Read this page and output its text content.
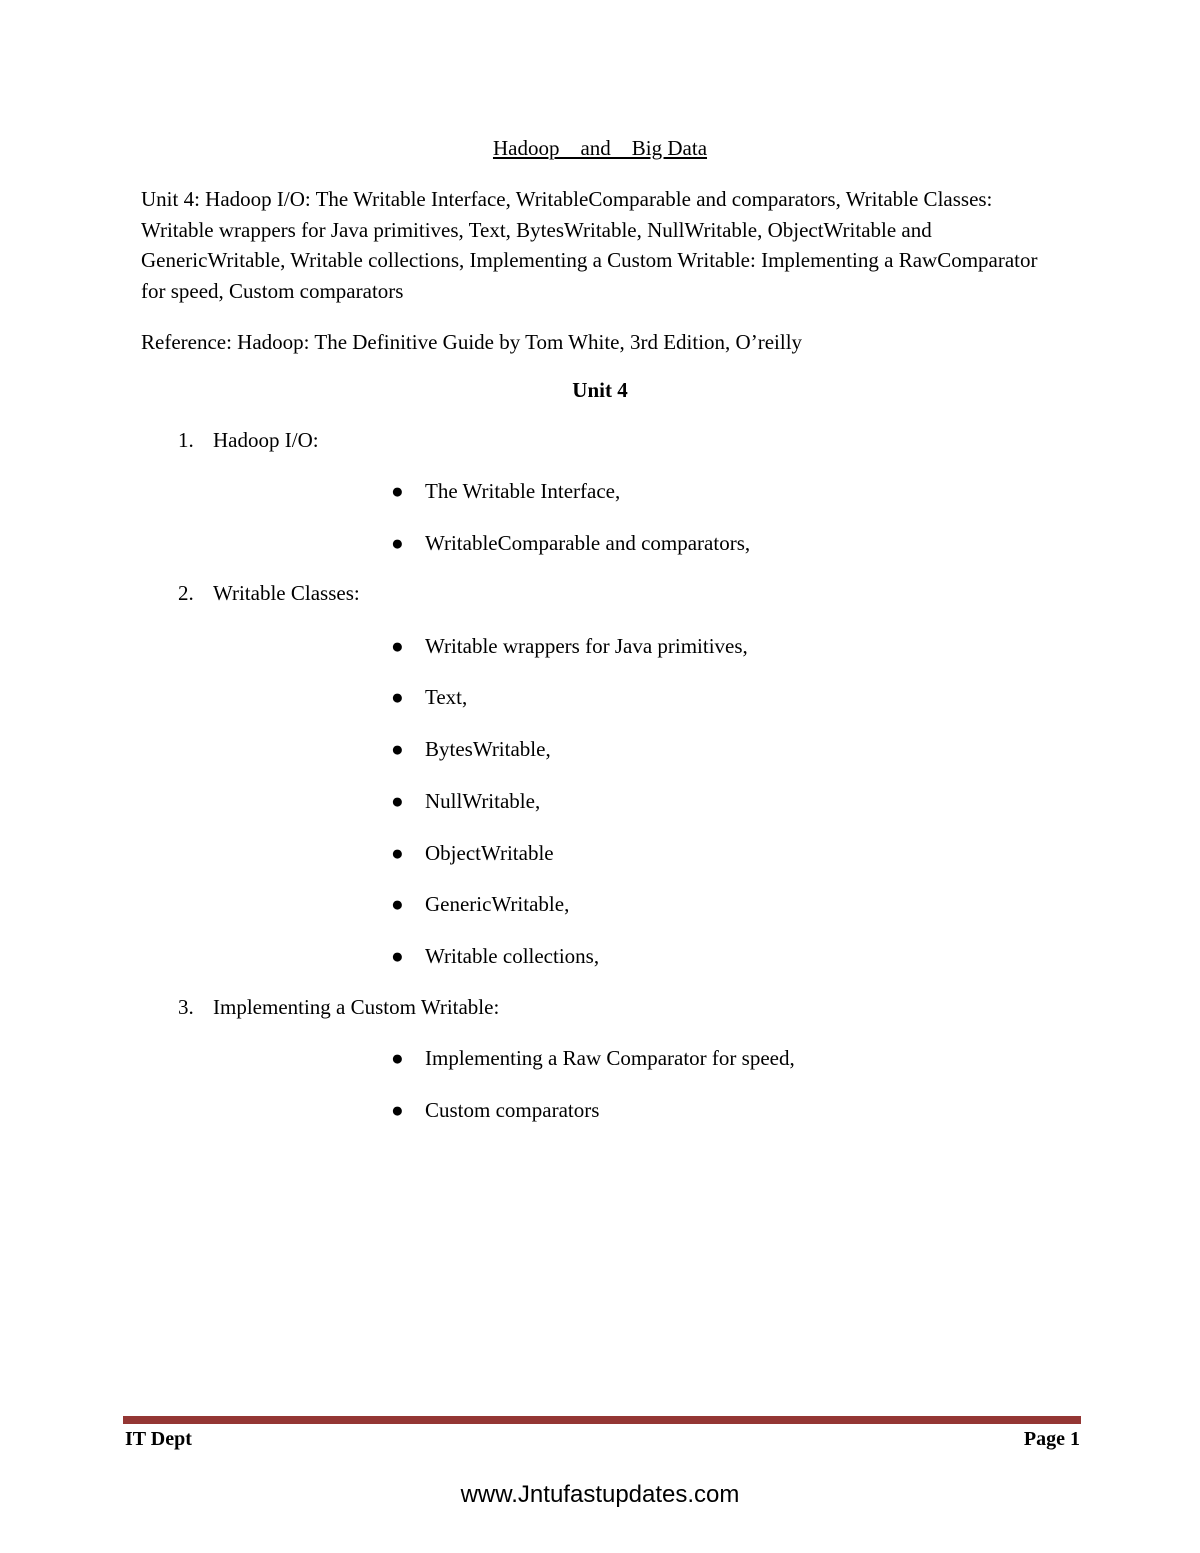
Hadoop    and    Big Data
Unit 4: Hadoop I/O: The Writable Interface, WritableComparable and comparators, Writable Classes: Writable wrappers for Java primitives, Text, BytesWritable, NullWritable, ObjectWritable and GenericWritable, Writable collections, Implementing a Custom Writable: Implementing a RawComparator for speed, Custom comparators
Reference: Hadoop: The Definitive Guide by Tom White, 3rd Edition, O’reilly
Unit 4
1. Hadoop I/O:
● The Writable Interface,
● WritableComparable and comparators,
2. Writable Classes:
● Writable wrappers for Java primitives,
● Text,
● BytesWritable,
● NullWritable,
● ObjectWritable
● GenericWritable,
● Writable collections,
3. Implementing a Custom Writable:
● Implementing a Raw Comparator for speed,
● Custom comparators
IT Dept	Page 1
www.Jntufastupdates.com
